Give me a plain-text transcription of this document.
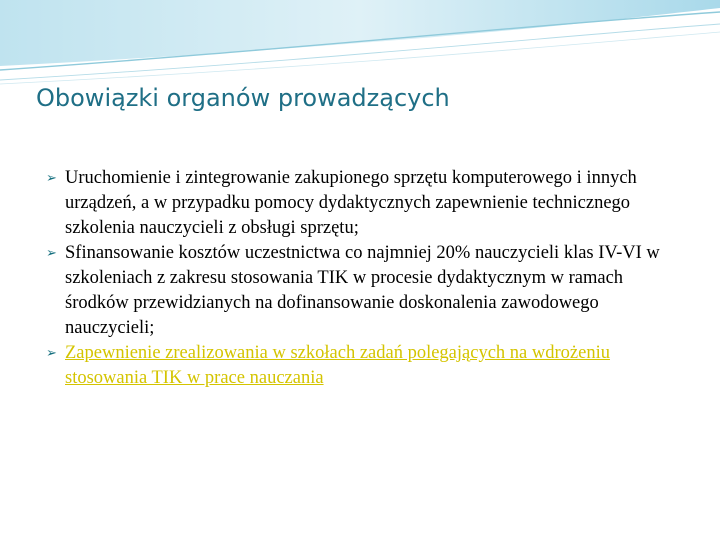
Obowiązki organów prowadzących
➢ Uruchomienie i zintegrowanie zakupionego sprzętu komputerowego i innych urządzeń, a w przypadku pomocy dydaktycznych zapewnienie technicznego szkolenia nauczycieli z obsługi sprzętu;
➢ Sfinansowanie kosztów uczestnictwa co najmniej 20% nauczycieli klas IV-VI w szkoleniach z zakresu stosowania TIK w procesie dydaktycznym w ramach środków przewidzianych na dofinansowanie doskonalenia zawodowego nauczycieli;
➢ Zapewnienie zrealizowania w szkołach zadań polegających na wdrożeniu stosowania TIK w prace nauczania
